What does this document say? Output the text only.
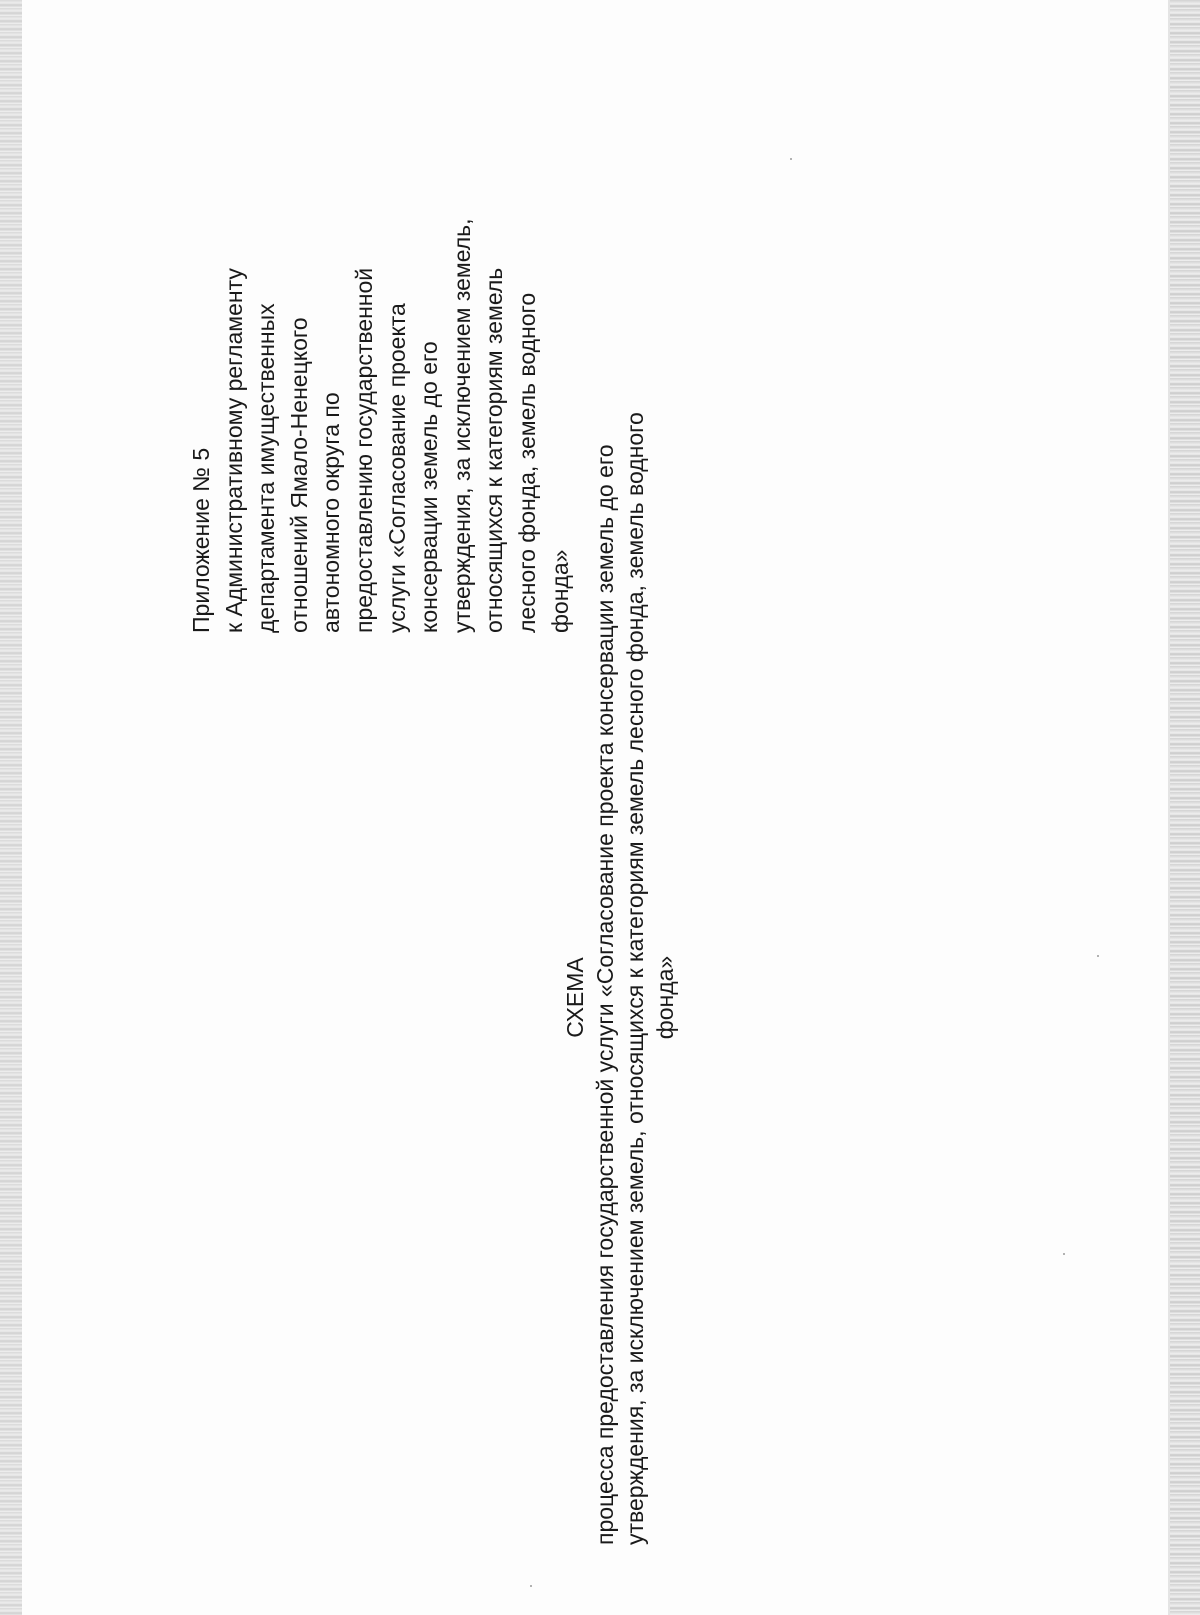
Приложение № 5 к Административному регламенту департамента имущественных отношений Ямало-Ненецкого автономного округа по предоставлению государственной услуги «Согласование проекта консервации земель до его утверждения, за исключением земель, относящихся к категориям земель лесного фонда, земель водного фонда»
СХЕМА процесса предоставления государственной услуги «Согласование проекта консервации земель до его утверждения, за исключением земель, относящихся к категориям земель лесного фонда, земель водного фонда»
